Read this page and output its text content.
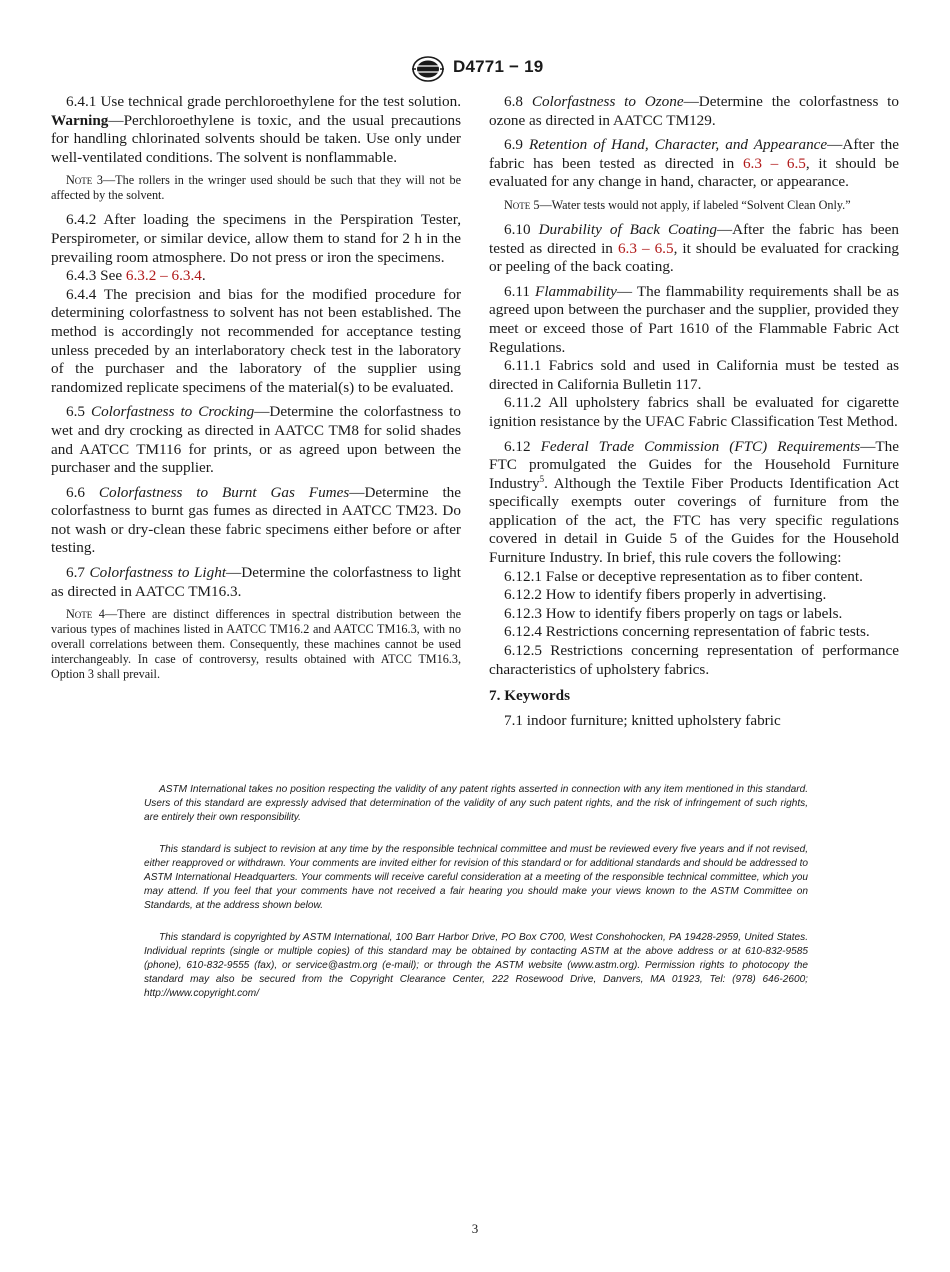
D4771 − 19

6.4.1 Use technical grade perchloroethylene for the test solution. Warning—Perchloroethylene is toxic, and the usual precautions for handling chlorinated solvents should be taken. Use only under well-ventilated conditions. The solvent is nonflammable.

Note 3—The rollers in the wringer used should be such that they will not be affected by the solvent.

6.4.2 After loading the specimens in the Perspiration Tester, Perspirometer, or similar device, allow them to stand for 2 h in the prevailing room atmosphere. Do not press or iron the specimens.

6.4.3 See 6.3.2 – 6.3.4.

6.4.4 The precision and bias for the modified procedure for determining colorfastness to solvent has not been established. The method is accordingly not recommended for acceptance testing unless preceded by an interlaboratory check test in the laboratory of the purchaser and the laboratory of the supplier using randomized replicate specimens of the material(s) to be evaluated.

6.5 Colorfastness to Crocking—Determine the colorfastness to wet and dry crocking as directed in AATCC TM8 for solid shades and AATCC TM116 for prints, or as agreed upon between the purchaser and the supplier.

6.6 Colorfastness to Burnt Gas Fumes—Determine the colorfastness to burnt gas fumes as directed in AATCC TM23. Do not wash or dry-clean these fabric specimens either before or after testing.

6.7 Colorfastness to Light—Determine the colorfastness to light as directed in AATCC TM16.3.

Note 4—There are distinct differences in spectral distribution between the various types of machines listed in AATCC TM16.2 and AATCC TM16.3, with no overall correlations between them. Consequently, these machines cannot be used interchangeably. In case of controversy, results obtained with ATCC TM16.3, Option 3 shall prevail.

6.8 Colorfastness to Ozone—Determine the colorfastness to ozone as directed in AATCC TM129.

6.9 Retention of Hand, Character, and Appearance—After the fabric has been tested as directed in 6.3 – 6.5, it should be evaluated for any change in hand, character, or appearance.

Note 5—Water tests would not apply, if labeled “Solvent Clean Only.”

6.10 Durability of Back Coating—After the fabric has been tested as directed in 6.3 – 6.5, it should be evaluated for cracking or peeling of the back coating.

6.11 Flammability— The flammability requirements shall be as agreed upon between the purchaser and the supplier, provided they meet or exceed those of Part 1610 of the Flammable Fabric Act Regulations.

6.11.1 Fabrics sold and used in California must be tested as directed in California Bulletin 117.

6.11.2 All upholstery fabrics shall be evaluated for cigarette ignition resistance by the UFAC Fabric Classification Test Method.

6.12 Federal Trade Commission (FTC) Requirements—The FTC promulgated the Guides for the Household Furniture Industry$^5$. Although the Textile Fiber Products Identification Act specifically exempts outer coverings of furniture from the application of the act, the FTC has very specific regulations covered in detail in Guide 5 of the Guides for the Household Furniture Industry. In brief, this rule covers the following:

6.12.1 False or deceptive representation as to fiber content.

6.12.2 How to identify fibers properly in advertising.

6.12.3 How to identify fibers properly on tags or labels.

6.12.4 Restrictions concerning representation of fabric tests.

6.12.5 Restrictions concerning representation of performance characteristics of upholstery fabrics.

7. Keywords

7.1 indoor furniture; knitted upholstery fabric

ASTM International takes no position respecting the validity of any patent rights asserted in connection with any item mentioned in this standard. Users of this standard are expressly advised that determination of the validity of any such patent rights, and the risk of infringement of such rights, are entirely their own responsibility.

This standard is subject to revision at any time by the responsible technical committee and must be reviewed every five years and if not revised, either reapproved or withdrawn. Your comments are invited either for revision of this standard or for additional standards and should be addressed to ASTM International Headquarters. Your comments will receive careful consideration at a meeting of the responsible technical committee, which you may attend. If you feel that your comments have not received a fair hearing you should make your views known to the ASTM Committee on Standards, at the address shown below.

This standard is copyrighted by ASTM International, 100 Barr Harbor Drive, PO Box C700, West Conshohocken, PA 19428-2959, United States. Individual reprints (single or multiple copies) of this standard may be obtained by contacting ASTM at the above address or at 610-832-9585 (phone), 610-832-9555 (fax), or service@astm.org (e-mail); or through the ASTM website (www.astm.org). Permission rights to photocopy the standard may also be secured from the Copyright Clearance Center, 222 Rosewood Drive, Danvers, MA 01923, Tel: (978) 646-2600; http://www.copyright.com/

3
